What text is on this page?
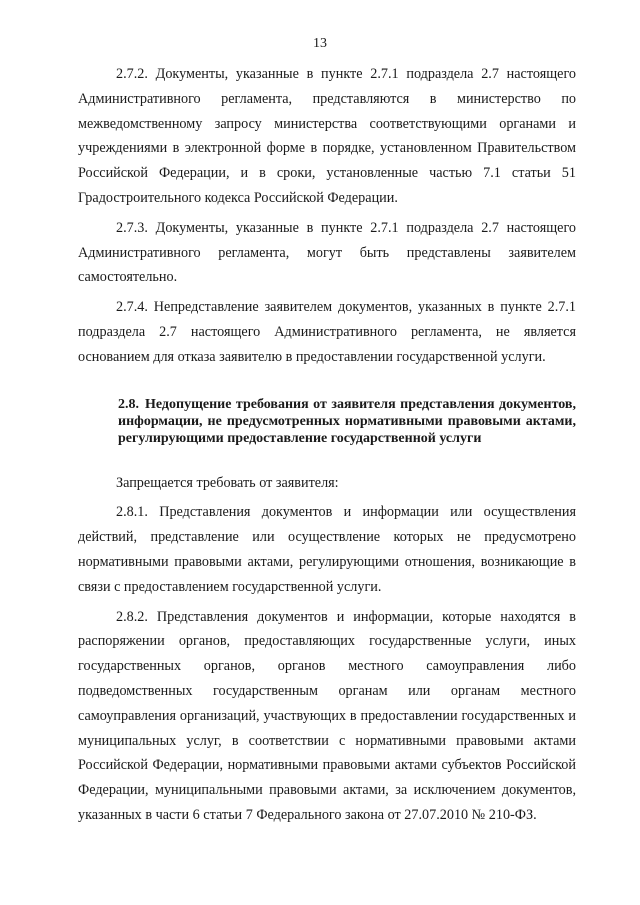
13

2.7.2. Документы, указанные в пункте 2.7.1 подраздела 2.7 настоящего Административного регламента, представляются в министерство по межведомственному запросу министерства соответствующими органами и учреждениями в электронной форме в порядке, установленном Правительством Российской Федерации, и в сроки, установленные частью 7.1 статьи 51 Градостроительного кодекса Российской Федерации.

2.7.3. Документы, указанные в пункте 2.7.1 подраздела 2.7 настоящего Административного регламента, могут быть представлены заявителем самостоятельно.

2.7.4. Непредставление заявителем документов, указанных в пункте 2.7.1 подраздела 2.7 настоящего Административного регламента, не является основанием для отказа заявителю в предоставлении государственной услуги.

2.8. Недопущение требования от заявителя представления документов, информации, не предусмотренных нормативными правовыми актами, регулирующими предоставление государственной услуги

Запрещается требовать от заявителя:

2.8.1. Представления документов и информации или осуществления действий, представление или осуществление которых не предусмотрено нормативными правовыми актами, регулирующими отношения, возникающие в связи с предоставлением государственной услуги.

2.8.2. Представления документов и информации, которые находятся в распоряжении органов, предоставляющих государственные услуги, иных государственных органов, органов местного самоуправления либо подведомственных государственным органам или органам местного самоуправления организаций, участвующих в предоставлении государственных и муниципальных услуг, в соответствии с нормативными правовыми актами Российской Федерации, нормативными правовыми актами субъектов Российской Федерации, муниципальными правовыми актами, за исключением документов, указанных в части 6 статьи 7 Федерального закона от 27.07.2010 № 210-ФЗ.
